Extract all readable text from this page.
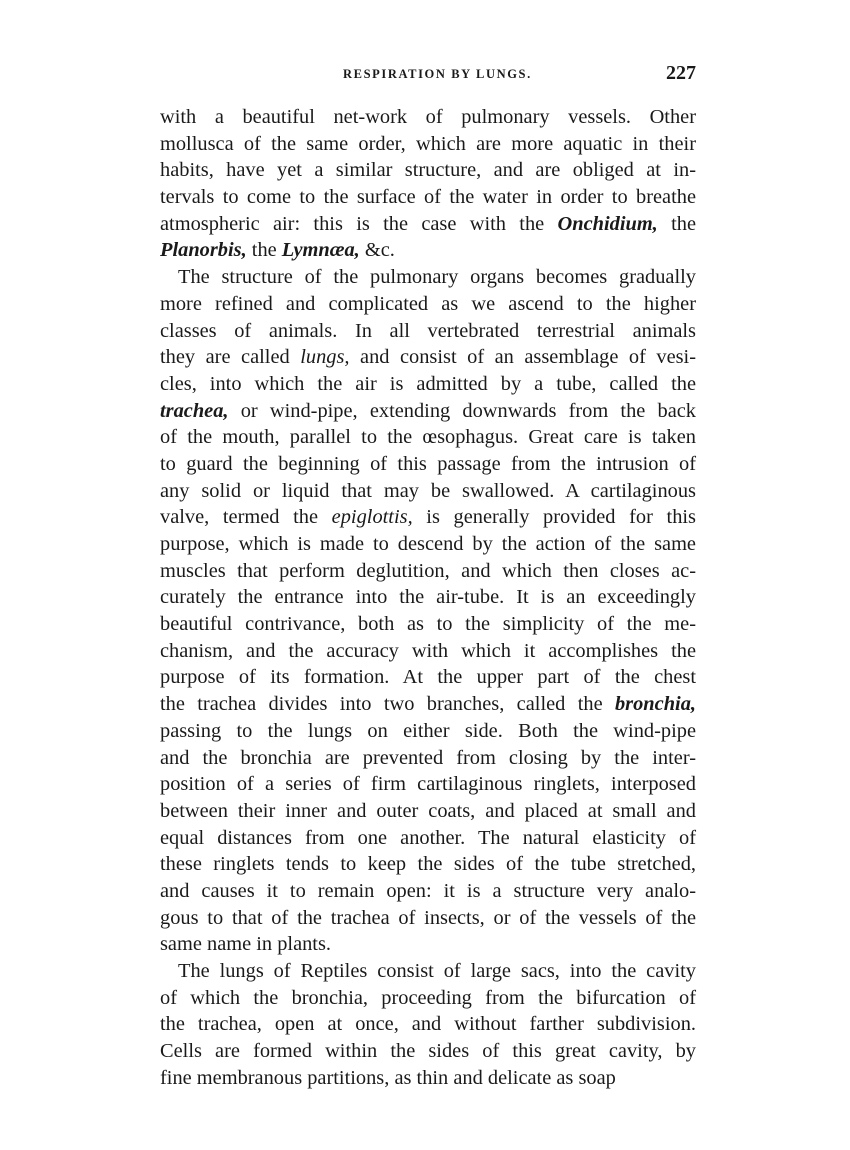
RESPIRATION BY LUNGS.	227
with a beautiful net-work of pulmonary vessels. Other
mollusca of the same order, which are more aquatic in their
habits, have yet a similar structure, and are obliged at in-
tervals to come to the surface of the water in order to breathe
atmospheric air: this is the case with the Onchidium, the
Planorbis, the Lymnæa, &c.
The structure of the pulmonary organs becomes gradually
more refined and complicated as we ascend to the higher
classes of animals. In all vertebrated terrestrial animals
they are called lungs, and consist of an assemblage of vesi-
cles, into which the air is admitted by a tube, called the
trachea, or wind-pipe, extending downwards from the back
of the mouth, parallel to the œsophagus. Great care is taken
to guard the beginning of this passage from the intrusion of
any solid or liquid that may be swallowed. A cartilaginous
valve, termed the epiglottis, is generally provided for this
purpose, which is made to descend by the action of the same
muscles that perform deglutition, and which then closes ac-
curately the entrance into the air-tube. It is an exceedingly
beautiful contrivance, both as to the simplicity of the me-
chanism, and the accuracy with which it accomplishes the
purpose of its formation. At the upper part of the chest
the trachea divides into two branches, called the bronchia,
passing to the lungs on either side. Both the wind-pipe
and the bronchia are prevented from closing by the inter-
position of a series of firm cartilaginous ringlets, interposed
between their inner and outer coats, and placed at small and
equal distances from one another. The natural elasticity of
these ringlets tends to keep the sides of the tube stretched,
and causes it to remain open: it is a structure very analo-
gous to that of the trachea of insects, or of the vessels of the
same name in plants.
The lungs of Reptiles consist of large sacs, into the cavity
of which the bronchia, proceeding from the bifurcation of
the trachea, open at once, and without farther subdivision.
Cells are formed within the sides of this great cavity, by
fine membranous partitions, as thin and delicate as soap
